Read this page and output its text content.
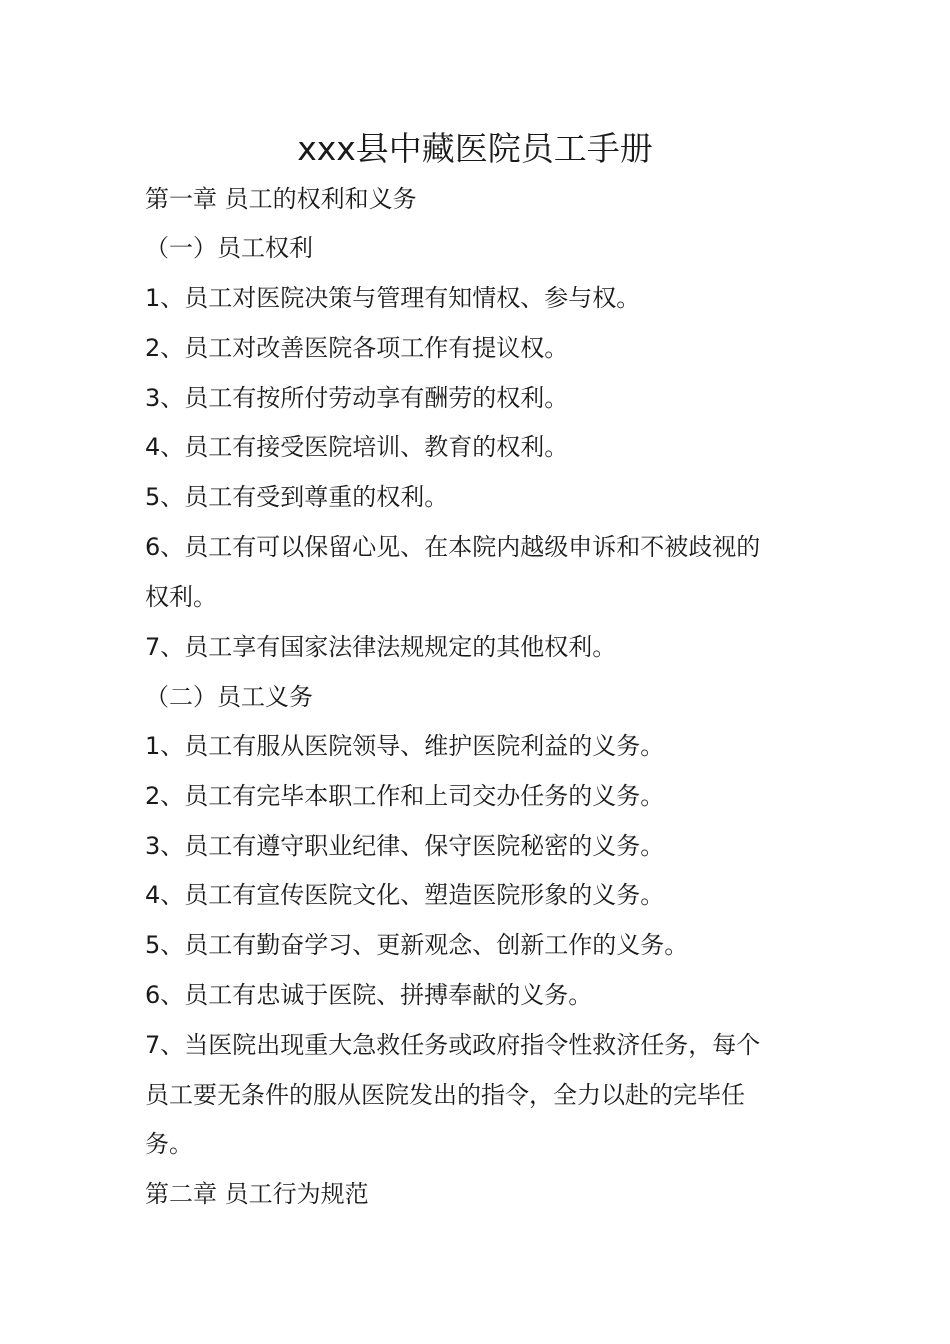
xxx县中藏医院员工手册
第一章 员工的权利和义务
（一）员工权利
1、员工对医院决策与管理有知情权、参与权。
2、员工对改善医院各项工作有提议权。
3、员工有按所付劳动享有酬劳的权利。
4、员工有接受医院培训、教育的权利。
5、员工有受到尊重的权利。
6、员工有可以保留心见、在本院内越级申诉和不被歧视的
权利。
7、员工享有国家法律法规规定的其他权利。
（二）员工义务
1、员工有服从医院领导、维护医院利益的义务。
2、员工有完毕本职工作和上司交办任务的义务。
3、员工有遵守职业纪律、保守医院秘密的义务。
4、员工有宣传医院文化、塑造医院形象的义务。
5、员工有勤奋学习、更新观念、创新工作的义务。
6、员工有忠诚于医院、拼搏奉献的义务。
7、当医院出现重大急救任务或政府指令性救济任务，每个
员工要无条件的服从医院发出的指令，全力以赴的完毕任
务。
第二章 员工行为规范
